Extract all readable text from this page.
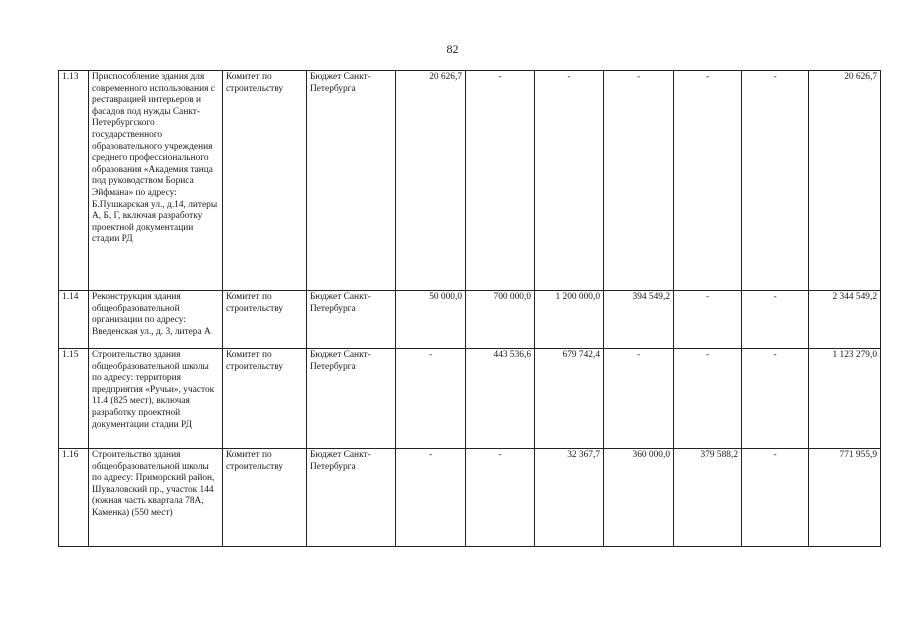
82
1.13	Приспособление здания для современного использования с реставрацией интерьеров и фасадов под нужды Санкт-Петербургского государственного образовательного учреждения среднего профессионального образования «Академия танца под руководством Бориса Эйфмана» по адресу: Б.Пушкарская ул., д.14, литеры А, Б, Г, включая разработку проектной документации стадии РД	Комитет по строительству	Бюджет Санкт-Петербурга	20 626,7	-	-	-	-	-	20 626,7
1.14	Реконструкция здания общеобразовательной организации по адресу: Введенская ул., д. 3, литера А	Комитет по строительству	Бюджет Санкт-Петербурга	50 000,0	700 000,0	1 200 000,0	394 549,2	-	-	2 344 549,2
1.15	Строительство здания общеобразовательной школы по адресу: территория предприятия «Ручьи», участок 11.4 (825 мест), включая разработку проектной документации стадии РД	Комитет по строительству	Бюджет Санкт-Петербурга	-	443 536,6	679 742,4	-	-	-	1 123 279,0
1.16	Строительство здания общеобразовательной школы по адресу: Приморский район, Шуваловский пр., участок 144 (южная часть квартала 78А, Каменка) (550 мест)	Комитет по строительству	Бюджет Санкт-Петербурга	-	-	32 367,7	360 000,0	379 588,2	-	771 955,9
